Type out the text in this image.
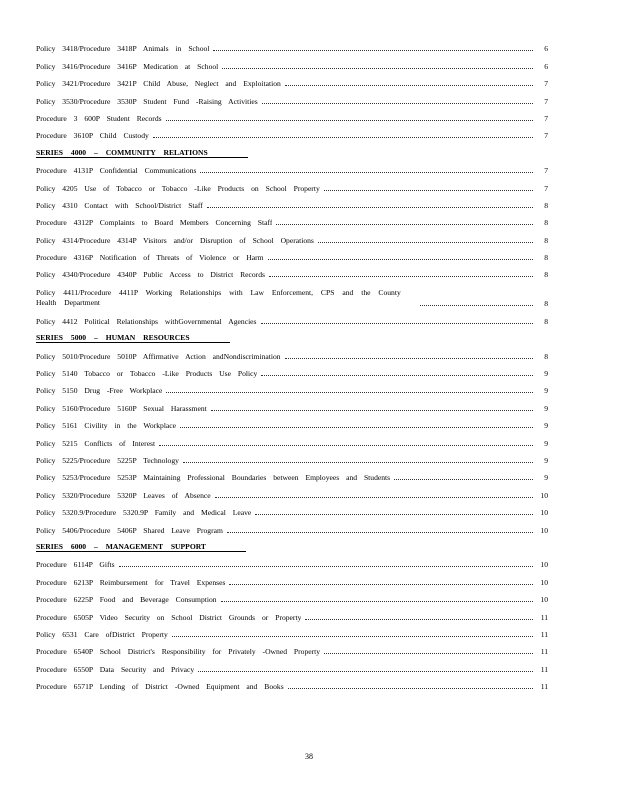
Policy 3418/Procedure 3418P Animals in School	6
Policy 3416/Procedure 3416P Medication at School	6
Policy 3421/Procedure 3421P Child Abuse, Neglect and Exploitation	7
Policy 3530/Procedure 3530P Student Fund -Raising Activities	7
Procedure 3 600P Student Records	7
Procedure 3610P Child Custody	7
SERIES 4000 – COMMUNITY RELATIONS
Procedure 4131P Confidential Communications	7
Policy 4205 Use of Tobacco or Tobacco -Like Products on School Property	7
Policy 4310 Contact with School/District Staff	8
Procedure 4312P Complaints to Board Members Concerning Staff	8
Policy 4314/Procedure 4314P Visitors and/or Disruption of School Operations	8
Procedure 4316P Notification of Threats of Violence or Harm	8
Policy 4340/Procedure 4340P Public Access to District Records	8
Policy 4411/Procedure 4411P Working Relationships with Law Enforcement, CPS and the County Health Department	8
Policy 4412 Political Relationships withGovernmental Agencies	8
SERIES 5000 – HUMAN RESOURCES
Policy 5010/Procedure 5010P Affirmative Action andNondiscrimination	8
Policy 5140 Tobacco or Tobacco -Like Products Use Policy	9
Policy 5150 Drug -Free Workplace	9
Policy 5160/Procedure 5160P Sexual Harassment	9
Policy 5161 Civility in the Workplace	9
Policy 5215 Conflicts of Interest	9
Policy 5225/Procedure 5225P Technology	9
Policy 5253/Procedure 5253P Maintaining Professional Boundaries between Employees and Students	9
Policy 5320/Procedure 5320P Leaves of Absence	10
Policy 5320.9/Procedure 5320.9P Family and Medical Leave	10
Policy 5406/Procedure 5406P Shared Leave Program	10
SERIES 6000 – MANAGEMENT SUPPORT
Procedure 6114P Gifts	10
Procedure 6213P Reimbursement for Travel Expenses	10
Procedure 6225P Food and Beverage Consumption	10
Procedure 6505P Video Security on School District Grounds or Property	11
Policy 6531 Care ofDistrict Property	11
Procedure 6540P School District's Responsibility for Privately -Owned Property	11
Procedure 6550P Data Security and Privacy	11
Procedure 6571P Lending of District -Owned Equipment and Books	11
38
